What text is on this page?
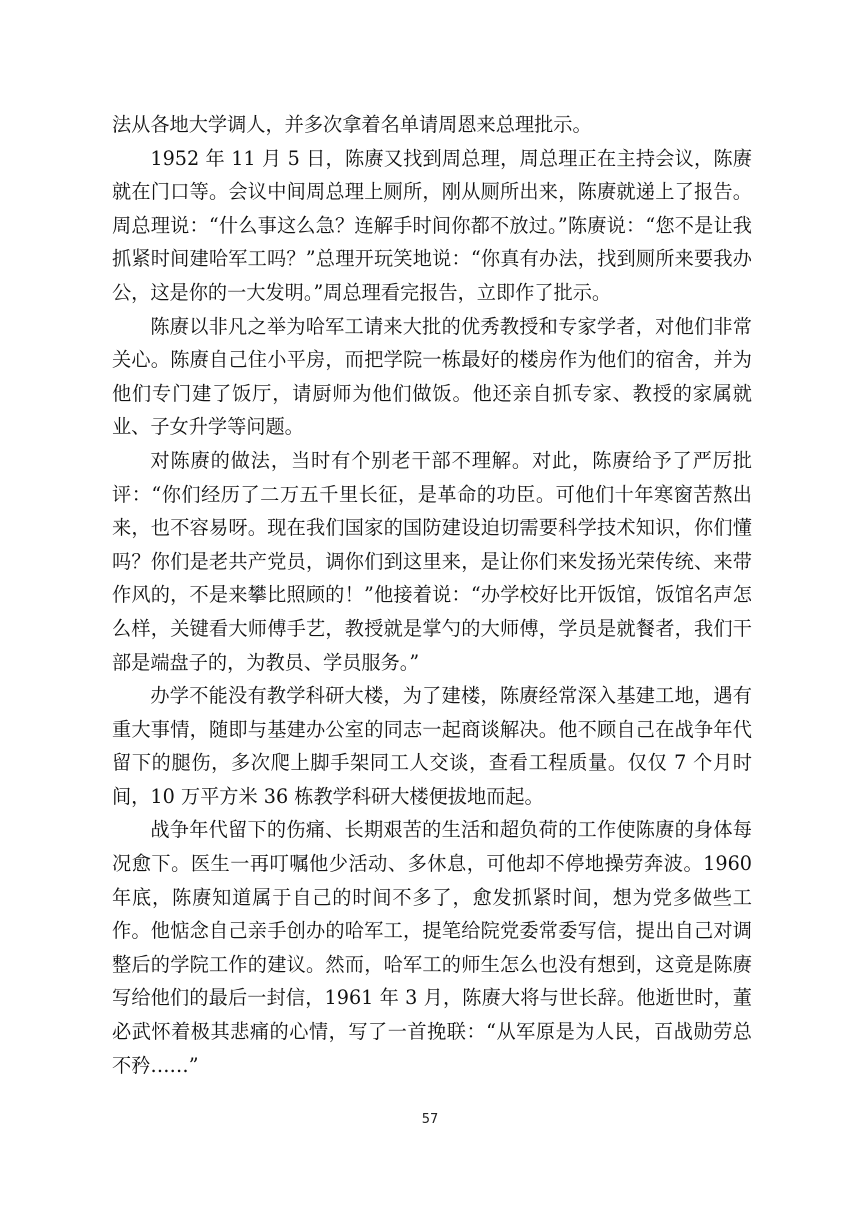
法从各地大学调人，并多次拿着名单请周恩来总理批示。

1952 年 11 月 5 日，陈赓又找到周总理，周总理正在主持会议，陈赓就在门口等。会议中间周总理上厕所，刚从厕所出来，陈赓就递上了报告。周总理说：“什么事这么急？连解手时间你都不放过。”陈赓说：“您不是让我抓紧时间建哈军工吗？”总理开玩笑地说：“你真有办法，找到厕所来要我办公，这是你的一大发明。”周总理看完报告，立即作了批示。

陈赓以非凡之举为哈军工请来大批的优秀教授和专家学者，对他们非常关心。陈赓自己住小平房，而把学院一栋最好的楼房作为他们的宿舍，并为他们专门建了饭厅，请厨师为他们做饭。他还亲自抓专家、教授的家属就业、子女升学等问题。

对陈赓的做法，当时有个别老干部不理解。对此，陈赓给予了严厉批评：“你们经历了二万五千里长征，是革命的功臣。可他们十年寒窗苦熬出来，也不容易呀。现在我们国家的国防建设迫切需要科学技术知识，你们懂吗？你们是老共产党员，调你们到这里来，是让你们来发扬光荣传统、来带作风的，不是来攀比照顾的！”他接着说：“办学校好比开饭馆，饭馆名声怎么样，关键看大师傅手艺，教授就是掌勺的大师傅，学员是就餐者，我们干部是端盘子的，为教员、学员服务。”

办学不能没有教学科研大楼，为了建楼，陈赓经常深入基建工地，遇有重大事情，随即与基建办公室的同志一起商谈解决。他不顾自己在战争年代留下的腿伤，多次爬上脚手架同工人交谈，查看工程质量。仅仅 7 个月时间，10 万平方米 36 栋教学科研大楼便拔地而起。

战争年代留下的伤痛、长期艰苦的生活和超负荷的工作使陈赓的身体每况愈下。医生一再叮嘱他少活动、多休息，可他却不停地操劳奔波。1960 年底，陈赓知道属于自己的时间不多了，愈发抓紧时间，想为党多做些工作。他惦念自己亲手创办的哈军工，提笔给院党委常委写信，提出自己对调整后的学院工作的建议。然而，哈军工的师生怎么也没有想到，这竟是陈赓写给他们的最后一封信，1961 年 3 月，陈赓大将与世长辞。他逝世时，董必武怀着极其悲痛的心情，写了一首挽联：“从军原是为人民，百战勋劳总不矜……”

57
